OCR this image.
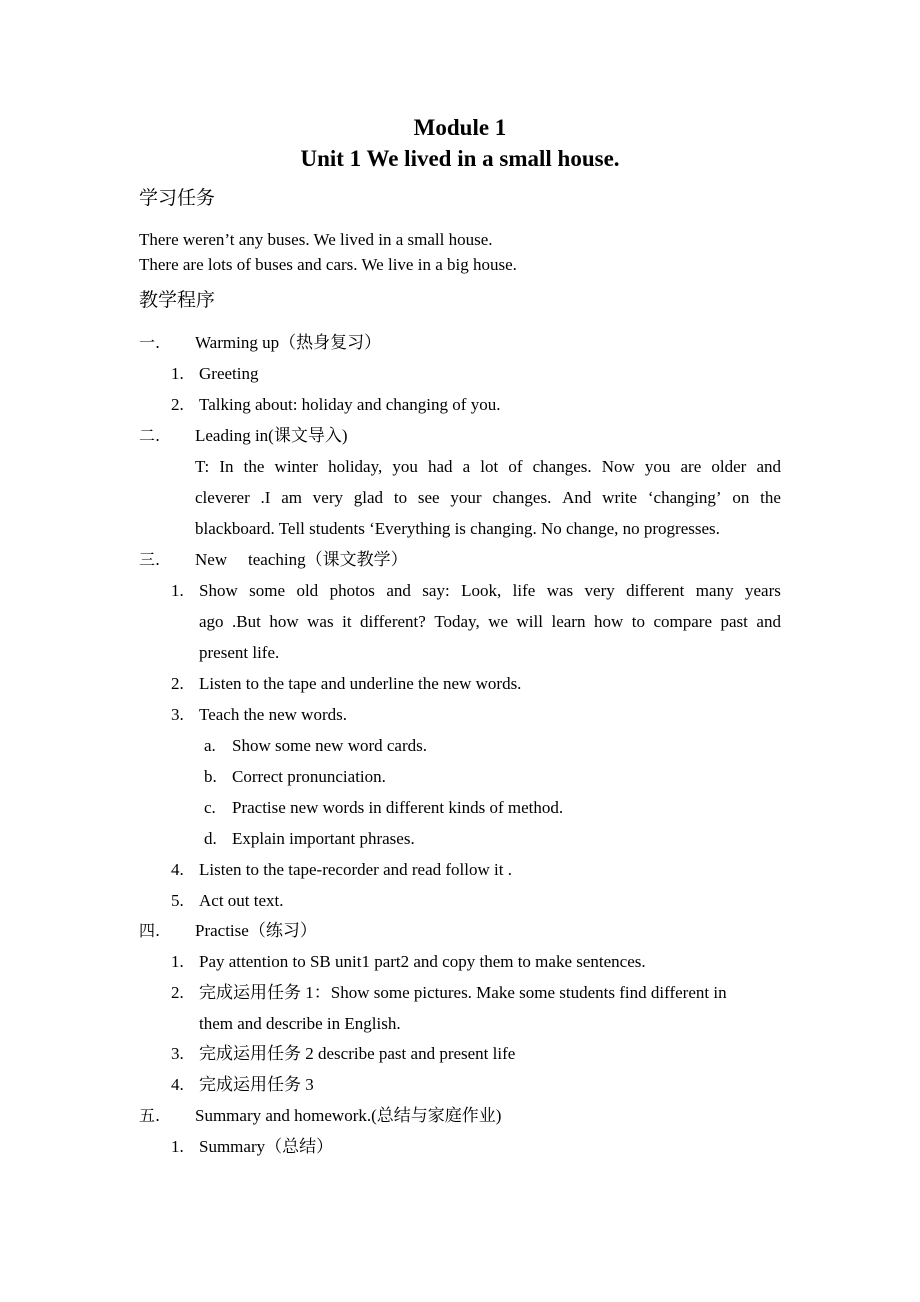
Module 1
Unit 1 We lived in a small house.
学习任务
There weren’t any buses. We lived in a small house.
There are lots of buses and cars. We live in a big house.
教学程序
一. Warming up（热身复习）
1. Greeting
2. Talking about: holiday and changing of you.
二. Leading in(课文导入)
T: In the winter holiday, you had a lot of changes. Now you are older and
cleverer .I am very glad to see your changes. And write ‘changing’ on the
blackboard. Tell students ‘Everything is changing. No change, no progresses.
三. New teaching（课文教学）
1. Show some old photos and say: Look, life was very different many years
ago .But how was it different? Today, we will learn how to compare past and
present life.
2. Listen to the tape and underline the new words.
3. Teach the new words.
a. Show some new word cards.
b. Correct pronunciation.
c. Practise new words in different kinds of method.
d. Explain important phrases.
4. Listen to the tape-recorder and read follow it .
5. Act out text.
四. Practise（练习）
1. Pay attention to SB unit1 part2 and copy them to make sentences.
2. 完成运用任务 1：Show some pictures. Make some students find different in
them and describe in English.
3. 完成运用任务 2 describe past and present life
4. 完成运用任务 3
五. Summary and homework.(总结与家庭作业)
1. Summary（总结）
